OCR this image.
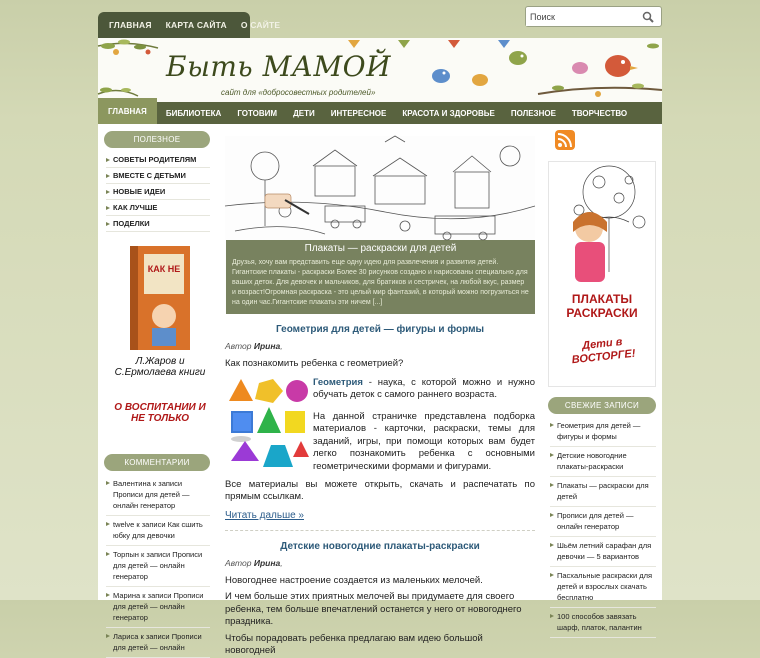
ГЛАВНАЯ	КАРТА САЙТА	О САЙТЕ
Поиск
Быть МАМОЙ
сайт для «добросовестных родителей»
ГЛАВНАЯ	БИБЛИОТЕКА	ГОТОВИМ	ДЕТИ	ИНТЕРЕСНОЕ	КРАСОТА И ЗДОРОВЬЕ	ПОЛЕЗНОЕ	ТВОРЧЕСТВО
ПОЛЕЗНОЕ
СОВЕТЫ РОДИТЕЛЯМ
ВМЕСТЕ С ДЕТЬМИ
НОВЫЕ ИДЕИ
КАК ЛУЧШЕ
ПОДЕЛКИ
КАК НЕ
Л.Жаров и С.Ермолаева книги
О ВОСПИТАНИИ И НЕ ТОЛЬКО
КОММЕНТАРИИ
Валентина к записи Прописи для детей — онлайн генератор
twelve к записи Как сшить юбку для девочки
Торпын к записи Прописи для детей — онлайн генератор
Марина к записи Прописи для детей — онлайн генератор
Лариса к записи Прописи для детей — онлайн
Плакаты — раскраски для детей
Друзья, хочу вам представить еще одну идею для развлечения и развития детей. Гигантские плакаты - раскраски Более 30 рисунков создано и нарисованы специально для ваших деток. Для девочек и мальчиков, для братиков и сестричек, на любой вкус, размер и возраст!Огромная раскраска - это целый мир фантазий, в который можно погрузиться не на один час.Гигантские плакаты эти ничем [...]
Геометрия для детей — фигуры и формы
Автор Ирина,

Как познакомить ребенка с геометрией?

Геометрия - наука, с которой можно и нужно обучать деток с самого раннего возраста.

На данной страничке представлена подборка материалов - карточки, раскраски, темы для заданий, игры, при помощи которых вам будет легко познакомить ребенка с основными геометрическими формами и фигурами.

Все материалы вы можете открыть, скачать и распечатать по прямым ссылкам.

Читать дальше »
Детские новогодние плакаты-раскраски
Автор Ирина,

Новогоднее настроение создается из маленьких мелочей.

И чем больше этих приятных мелочей вы придумаете для своего ребенка, тем больше впечатлений останется у него от новогоднего праздника.

Чтобы порадовать ребенка предлагаю вам идею большой новогодней

ПЛАКАТЫ РАСКРАСКИ
Дети в ВОСТОРГЕ!
СВЕЖИЕ ЗАПИСИ
Геометрия для детей — фигуры и формы
Детские новогодние плакаты-раскраски
Плакаты — раскраски для детей
Прописи для детей — онлайн генератор
Шьём летний сарафан для девочки — 5 вариантов
Пасхальные раскраски для детей и взрослых скачать бесплатно
100 способов завязать шарф, платок, палантин
